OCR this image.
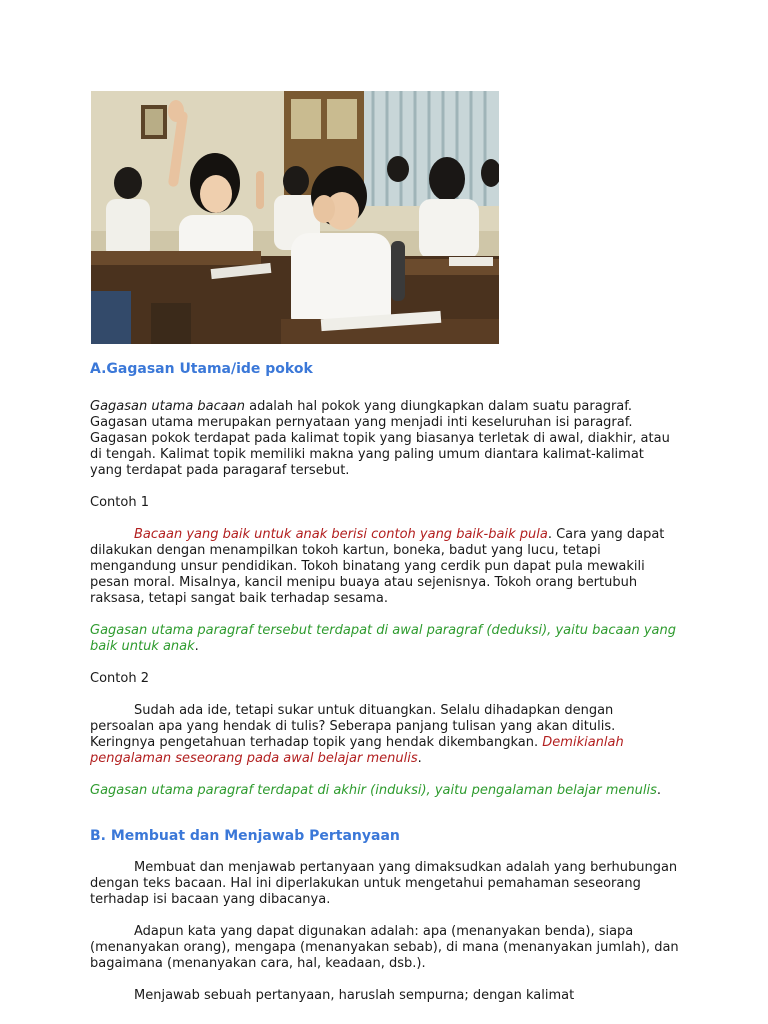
A.Gagasan Utama/ide pokok

Gagasan utama bacaan adalah hal pokok yang diungkapkan dalam suatu paragraf. Gagasan utama merupakan pernyataan yang menjadi inti keseluruhan isi paragraf. Gagasan pokok terdapat pada kalimat topik yang biasanya terletak di awal, diakhir, atau di tengah. Kalimat topik memiliki makna yang paling umum diantara kalimat-kalimat yang terdapat pada paragaraf tersebut.

Contoh 1

Bacaan yang baik untuk anak berisi contoh yang baik-baik pula. Cara yang dapat dilakukan dengan menampilkan tokoh kartun, boneka, badut yang lucu, tetapi mengandung unsur pendidikan. Tokoh binatang yang cerdik pun dapat pula mewakili pesan moral. Misalnya, kancil menipu buaya atau sejenisnya. Tokoh orang bertubuh raksasa, tetapi sangat baik terhadap sesama.

Gagasan utama paragraf tersebut terdapat di awal paragraf (deduksi), yaitu bacaan yang baik untuk anak.

Contoh 2

Sudah ada ide, tetapi sukar untuk dituangkan. Selalu dihadapkan dengan persoalan apa yang hendak di tulis? Seberapa panjang tulisan yang akan ditulis. Keringnya pengetahuan terhadap topik yang hendak dikembangkan. Demikianlah pengalaman seseorang pada awal belajar menulis.

Gagasan utama paragraf terdapat di akhir (induksi), yaitu pengalaman belajar menulis.

B. Membuat dan Menjawab Pertanyaan

Membuat dan menjawab pertanyaan yang dimaksudkan adalah yang berhubungan dengan teks bacaan. Hal ini diperlakukan untuk mengetahui pemahaman seseorang terhadap isi bacaan yang dibacanya.

Adapun kata yang dapat digunakan adalah: apa (menanyakan benda), siapa (menanyakan orang), mengapa (menanyakan sebab), di mana (menanyakan jumlah), dan bagaimana (menanyakan cara, hal, keadaan, dsb.).

Menjawab sebuah pertanyaan, haruslah sempurna; dengan kalimat
